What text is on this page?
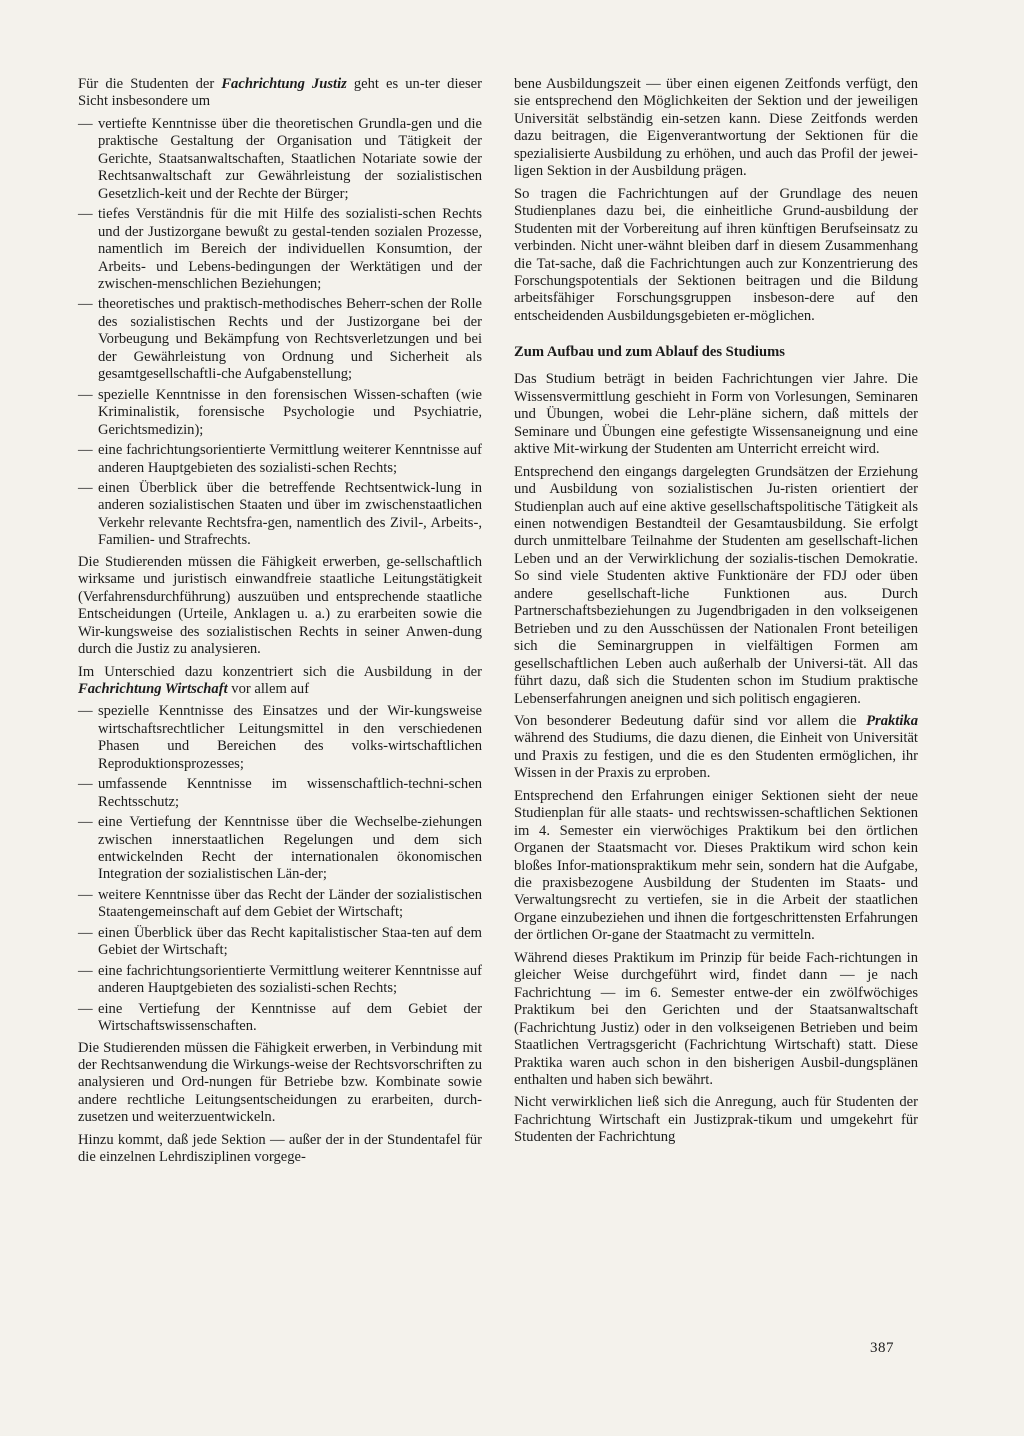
Für die Studenten der Fachrichtung Justiz geht es un-ter dieser Sicht insbesondere um

— vertiefte Kenntnisse über die theoretischen Grundla-gen und die praktische Gestaltung der Organisation und Tätigkeit der Gerichte, Staatsanwaltschaften, Staatlichen Notariate sowie der Rechtsanwaltschaft zur Gewährleistung der sozialistischen Gesetzlich-keit und der Rechte der Bürger;
— tiefes Verständnis für die mit Hilfe des sozialisti-schen Rechts und der Justizorgane bewußt zu gestal-tenden sozialen Prozesse, namentlich im Bereich der individuellen Konsumtion, der Arbeits- und Lebens-bedingungen der Werktätigen und der zwischen-menschlichen Beziehungen;
— theoretisches und praktisch-methodisches Beherr-schen der Rolle des sozialistischen Rechts und der Justizorgane bei der Vorbeugung und Bekämpfung von Rechtsverletzungen und bei der Gewährleistung von Ordnung und Sicherheit als gesamtgesellschaftli-che Aufgabenstellung;
— spezielle Kenntnisse in den forensischen Wissen-schaften (wie Kriminalistik, forensische Psychologie und Psychiatrie, Gerichtsmedizin);
— eine fachrichtungsorientierte Vermittlung weiterer Kenntnisse auf anderen Hauptgebieten des sozialisti-schen Rechts;
— einen Überblick über die betreffende Rechtsentwick-lung in anderen sozialistischen Staaten und über im zwischenstaatlichen Verkehr relevante Rechtsfra-gen, namentlich des Zivil-, Arbeits-, Familien- und Strafrechts.

Die Studierenden müssen die Fähigkeit erwerben, ge-sellschaftlich wirksame und juristisch einwandfreie staatliche Leitungstätigkeit (Verfahrensdurchführung) auszuüben und entsprechende staatliche Entscheidungen (Urteile, Anklagen u. a.) zu erarbeiten sowie die Wir-kungsweise des sozialistischen Rechts in seiner Anwen-dung durch die Justiz zu analysieren.

Im Unterschied dazu konzentriert sich die Ausbildung in der Fachrichtung Wirtschaft vor allem auf

— spezielle Kenntnisse des Einsatzes und der Wir-kungsweise wirtschaftsrechtlicher Leitungsmittel in den verschiedenen Phasen und Bereichen des volks-wirtschaftlichen Reproduktionsprozesses;
— umfassende Kenntnisse im wissenschaftlich-techni-schen Rechtsschutz;
— eine Vertiefung der Kenntnisse über die Wechselbe-ziehungen zwischen innerstaatlichen Regelungen und dem sich entwickelnden Recht der internationalen ökonomischen Integration der sozialistischen Län-der;
— weitere Kenntnisse über das Recht der Länder der sozialistischen Staatengemeinschaft auf dem Gebiet der Wirtschaft;
— einen Überblick über das Recht kapitalistischer Staa-ten auf dem Gebiet der Wirtschaft;
— eine fachrichtungsorientierte Vermittlung weiterer Kenntnisse auf anderen Hauptgebieten des sozialisti-schen Rechts;
— eine Vertiefung der Kenntnisse auf dem Gebiet der Wirtschaftswissenschaften.

Die Studierenden müssen die Fähigkeit erwerben, in Verbindung mit der Rechtsanwendung die Wirkungs-weise der Rechtsvorschriften zu analysieren und Ord-nungen für Betriebe bzw. Kombinate sowie andere rechtliche Leitungsentscheidungen zu erarbeiten, durch-zusetzen und weiterzuentwickeln.

Hinzu kommt, daß jede Sektion — außer der in der Stundentafel für die einzelnen Lehrdisziplinen vorgege-

bene Ausbildungszeit — über einen eigenen Zeitfonds verfügt, den sie entsprechend den Möglichkeiten der Sektion und der jeweiligen Universität selbständig ein-setzen kann. Diese Zeitfonds werden dazu beitragen, die Eigenverantwortung der Sektionen für die spezialisierte Ausbildung zu erhöhen, und auch das Profil der jewei-ligen Sektion in der Ausbildung prägen.

So tragen die Fachrichtungen auf der Grundlage des neuen Studienplanes dazu bei, die einheitliche Grund-ausbildung der Studenten mit der Vorbereitung auf ihren künftigen Berufseinsatz zu verbinden. Nicht uner-wähnt bleiben darf in diesem Zusammenhang die Tat-sache, daß die Fachrichtungen auch zur Konzentrierung des Forschungspotentials der Sektionen beitragen und die Bildung arbeitsfähiger Forschungsgruppen insbeson-dere auf den entscheidenden Ausbildungsgebieten er-möglichen.

Zum Aufbau und zum Ablauf des Studiums

Das Studium beträgt in beiden Fachrichtungen vier Jahre. Die Wissensvermittlung geschieht in Form von Vorlesungen, Seminaren und Übungen, wobei die Lehr-pläne sichern, daß mittels der Seminare und Übungen eine gefestigte Wissensaneignung und eine aktive Mit-wirkung der Studenten am Unterricht erreicht wird.

Entsprechend den eingangs dargelegten Grundsätzen der Erziehung und Ausbildung von sozialistischen Ju-risten orientiert der Studienplan auch auf eine aktive gesellschaftspolitische Tätigkeit als einen notwendigen Bestandteil der Gesamtausbildung. Sie erfolgt durch unmittelbare Teilnahme der Studenten am gesellschaft-lichen Leben und an der Verwirklichung der sozialis-tischen Demokratie. So sind viele Studenten aktive Funktionäre der FDJ oder üben andere gesellschaft-liche Funktionen aus. Durch Partnerschaftsbeziehungen zu Jugendbrigaden in den volkseigenen Betrieben und zu den Ausschüssen der Nationalen Front beteiligen sich die Seminargruppen in vielfältigen Formen am gesellschaftlichen Leben auch außerhalb der Universi-tät. All das führt dazu, daß sich die Studenten schon im Studium praktische Lebenserfahrungen aneignen und sich politisch engagieren.

Von besonderer Bedeutung dafür sind vor allem die Praktika während des Studiums, die dazu dienen, die Einheit von Universität und Praxis zu festigen, und die es den Studenten ermöglichen, ihr Wissen in der Praxis zu erproben.

Entsprechend den Erfahrungen einiger Sektionen sieht der neue Studienplan für alle staats- und rechtswissen-schaftlichen Sektionen im 4. Semester ein vierwöchiges Praktikum bei den örtlichen Organen der Staatsmacht vor. Dieses Praktikum wird schon kein bloßes Infor-mationspraktikum mehr sein, sondern hat die Aufgabe, die praxisbezogene Ausbildung der Studenten im Staats- und Verwaltungsrecht zu vertiefen, sie in die Arbeit der staatlichen Organe einzubeziehen und ihnen die fortgeschrittensten Erfahrungen der örtlichen Or-gane der Staatmacht zu vermitteln.

Während dieses Praktikum im Prinzip für beide Fach-richtungen in gleicher Weise durchgeführt wird, findet dann — je nach Fachrichtung — im 6. Semester entwe-der ein zwölfwöchiges Praktikum bei den Gerichten und der Staatsanwaltschaft (Fachrichtung Justiz) oder in den volkseigenen Betrieben und beim Staatlichen Vertragsgericht (Fachrichtung Wirtschaft) statt. Diese Praktika waren auch schon in den bisherigen Ausbil-dungsplänen enthalten und haben sich bewährt.

Nicht verwirklichen ließ sich die Anregung, auch für Studenten der Fachrichtung Wirtschaft ein Justizprak-tikum und umgekehrt für Studenten der Fachrichtung

387
